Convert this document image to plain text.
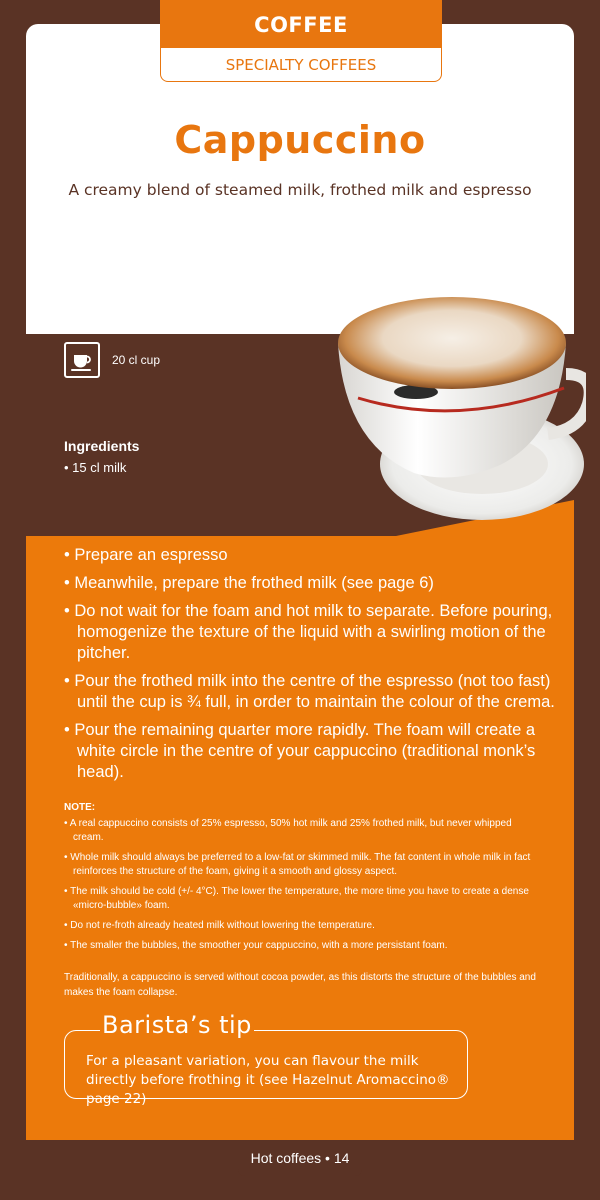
COFFEE
SPECIALTY COFFEES
Cappuccino

A creamy blend of steamed milk, frothed milk and espresso

20 cl cup
Ingredients
• 15 cl milk
• Prepare an espresso
• Meanwhile, prepare the frothed milk (see page 6)
• Do not wait for the foam and hot milk to separate. Before pouring, homogenize the texture of the liquid with a swirling motion of the pitcher.
• Pour the frothed milk into the centre of the espresso (not too fast) until the cup is ¾ full, in order to maintain the colour of the crema.
• Pour the remaining quarter more rapidly. The foam will create a white circle in the centre of your cappuccino (traditional monk’s head).
NOTE:
• A real cappuccino consists of 25% espresso, 50% hot milk and 25% frothed milk, but never whipped cream.
• Whole milk should always be preferred to a low-fat or skimmed milk. The fat content in whole milk in fact reinforces the structure of the foam, giving it a smooth and glossy aspect.
• The milk should be cold (+/- 4°C). The lower the temperature, the more time you have to create a dense «micro-bubble» foam.
• Do not re-froth already heated milk without lowering the temperature.
• The smaller the bubbles, the smoother your cappuccino, with a more persistant foam.

Traditionally, a cappuccino is served without cocoa powder, as this distorts the structure of the bubbles and makes the foam collapse.

Barista’s tip

For a pleasant variation, you can flavour the milk directly before frothing it (see Hazelnut Aromaccino® page 22)

Hot coffees • 14
